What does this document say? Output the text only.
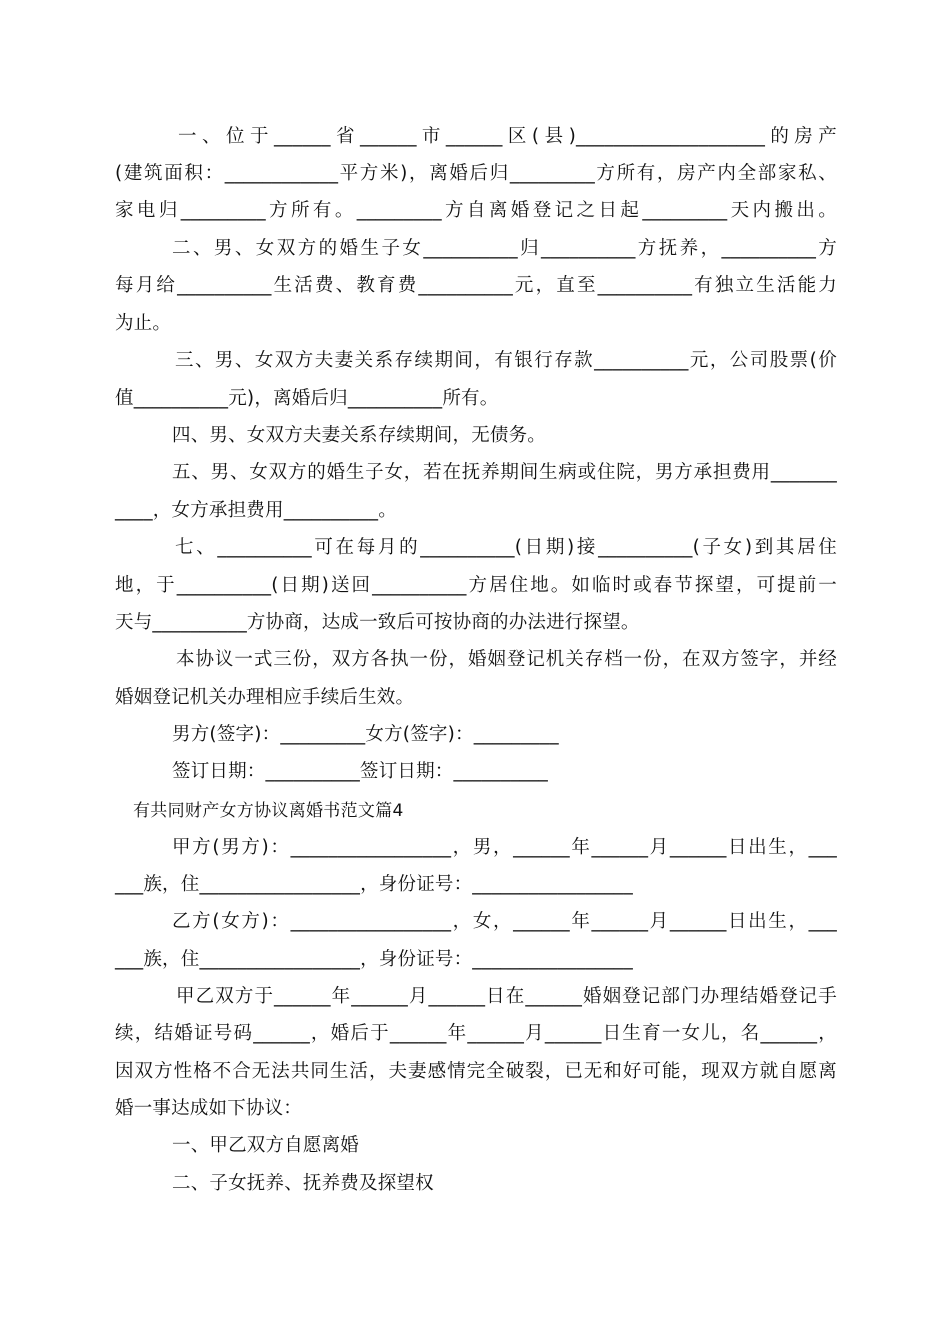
一、位于______省______市______区(县)____________________的房产
(建筑面积：____________平方米)，离婚后归_________方所有，房产内全部家私、
家电归_________方所有。_________方自离婚登记之日起_________天内搬出。
二、男、女双方的婚生子女__________归__________方抚养，__________方
每月给__________生活费、教育费__________元，直至__________有独立生活能力
为止。
三、男、女双方夫妻关系存续期间，有银行存款__________元，公司股票(价
值__________元)，离婚后归__________所有。
四、男、女双方夫妻关系存续期间，无债务。
五、男、女双方的婚生子女，若在抚养期间生病或住院，男方承担费用_______
____，女方承担费用__________。
七、__________可在每月的__________(日期)接__________(子女)到其居住
地，于__________(日期)送回__________方居住地。如临时或春节探望，可提前一
天与__________方协商，达成一致后可按协商的办法进行探望。
本协议一式三份，双方各执一份，婚姻登记机关存档一份，在双方签字，并经
婚姻登记机关办理相应手续后生效。
男方(签字)：_________女方(签字)：_________
签订日期：__________签订日期：__________
有共同财产女方协议离婚书范文篇4
甲方(男方)：_________________，男，______年______月______日出生，___
___族，住_________________，身份证号：_________________
乙方(女方)：_________________，女，______年______月______日出生，___
___族，住_________________，身份证号：_________________
甲乙双方于______年______月______日在______婚姻登记部门办理结婚登记手
续，结婚证号码______，婚后于______年______月______日生育一女儿，名______，
因双方性格不合无法共同生活，夫妻感情完全破裂，已无和好可能，现双方就自愿离
婚一事达成如下协议：
一、甲乙双方自愿离婚
二、子女抚养、抚养费及探望权
